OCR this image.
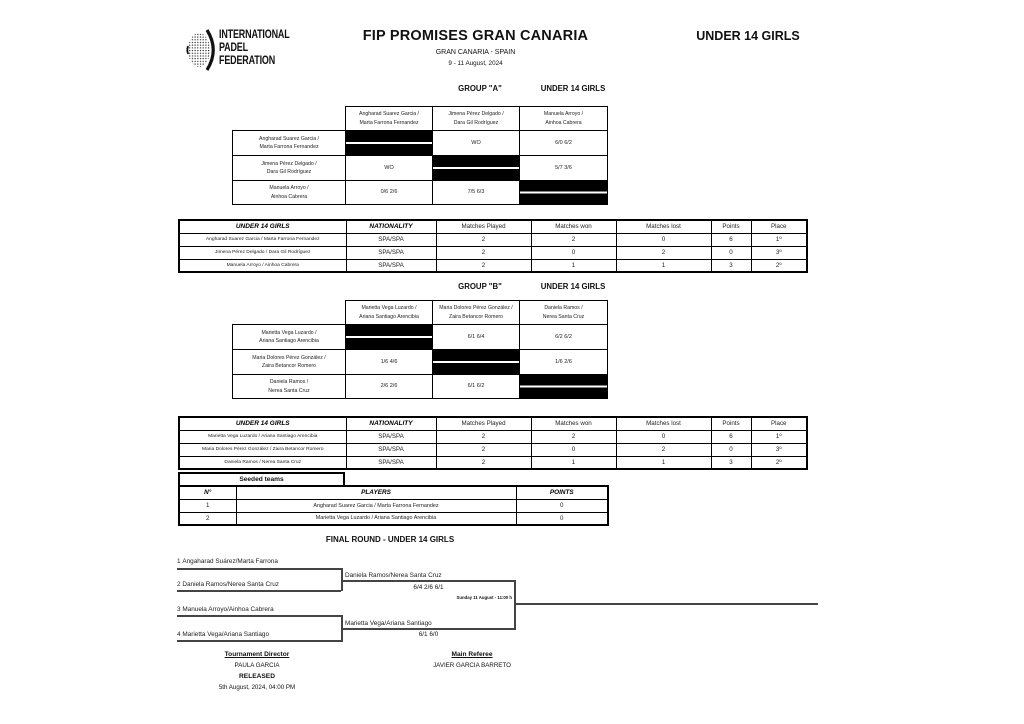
INTERNATIONAL
PADEL
FEDERATION
FIP PROMISES GRAN CANARIA
GRAN CANARIA - SPAIN
9 - 11 August, 2024
UNDER 14 GIRLS
GROUP "A"	UNDER 14 GIRLS

Angharad Suarez Garcia /
Marta Farrona Fernandez

Jimena Pérez Delgado /
Dara Gil Rodríguez

Manuela Arroyo /
Ainhoa Cabrera

Angharad Suarez Garcia /
Marta Farrona Fernandez		WO	6/0 6/2

Jimena Pérez Delgado /
Dara Gil Rodríguez	WO		5/7 3/6

Manuela Arroyo /
Ainhoa Cabrera	0/6 2/6	7/5 6/3	
UNDER 14 GIRLS	NATIONALITY	Matches Played	Matches won	Matches lost	Points	Place
Angharad Suarez Garcia / Marta Farrona Fernandez	SPA/SPA	2	2	0	6	1º
Jimena Pérez Delgado / Dara Gil Rodríguez	SPA/SPA	2	0	2	0	3º
Manuela Arroyo / Ainhoa Cabrera	SPA/SPA	2	1	1	3	2º
GROUP "B"	UNDER 14 GIRLS

Marietta Vega Luzardo /
Ariana Santiago Arencibia

Maria Dolores Pérez González /
Zaira Betancor Romero

Daniela Ramos /
Nerea Santa Cruz

Marietta Vega Luzardo /
Ariana Santiago Arencibia		6/1 6/4	6/2 6/2

Maria Dolores Pérez González /
Zaira Betancor Romero	1/6 4/6		1/6 2/6

Daniela Ramos /
Nerea Santa Cruz	2/6 2/6	6/1 6/2	
UNDER 14 GIRLS	NATIONALITY	Matches Played	Matches won	Matches lost	Points	Place
Marietta Vega Luzardo / Ariana Santiago Arencibia	SPA/SPA	2	2	0	6	1º
Maria Dolores Pérez González / Zaira Betancor Romero	SPA/SPA	2	0	2	0	3º
Daniela Ramos / Nerea Santa Cruz	SPA/SPA	2	1	1	3	2º
Seeded teams
N°	PLAYERS	POINTS
1	Angharad Suarez Garcia / Marta Farrona Fernandez	0
2	Marietta Vega Luzardo / Ariana Santiago Arencibia	0
FINAL ROUND - UNDER 14 GIRLS
1 Angaharad Suárez/Marta Farrona
Daniela Ramos/Nerea Santa Cruz
6/4 2/6 6/1
2 Daniela Ramos/Nerea Santa Cruz
3 Manuela Arroyo/Ainhoa Cabrera
Marietta Vega/Ariana Santiago
6/1 6/0
4 Marietta Vega/Ariana Santiago
Sunday 11 August - 11:00 h
Tournament Director
PAULA GARCIA
RELEASED
5th August, 2024, 04:00 PM
Main Referee
JAVIER GARCIA BARRETO
